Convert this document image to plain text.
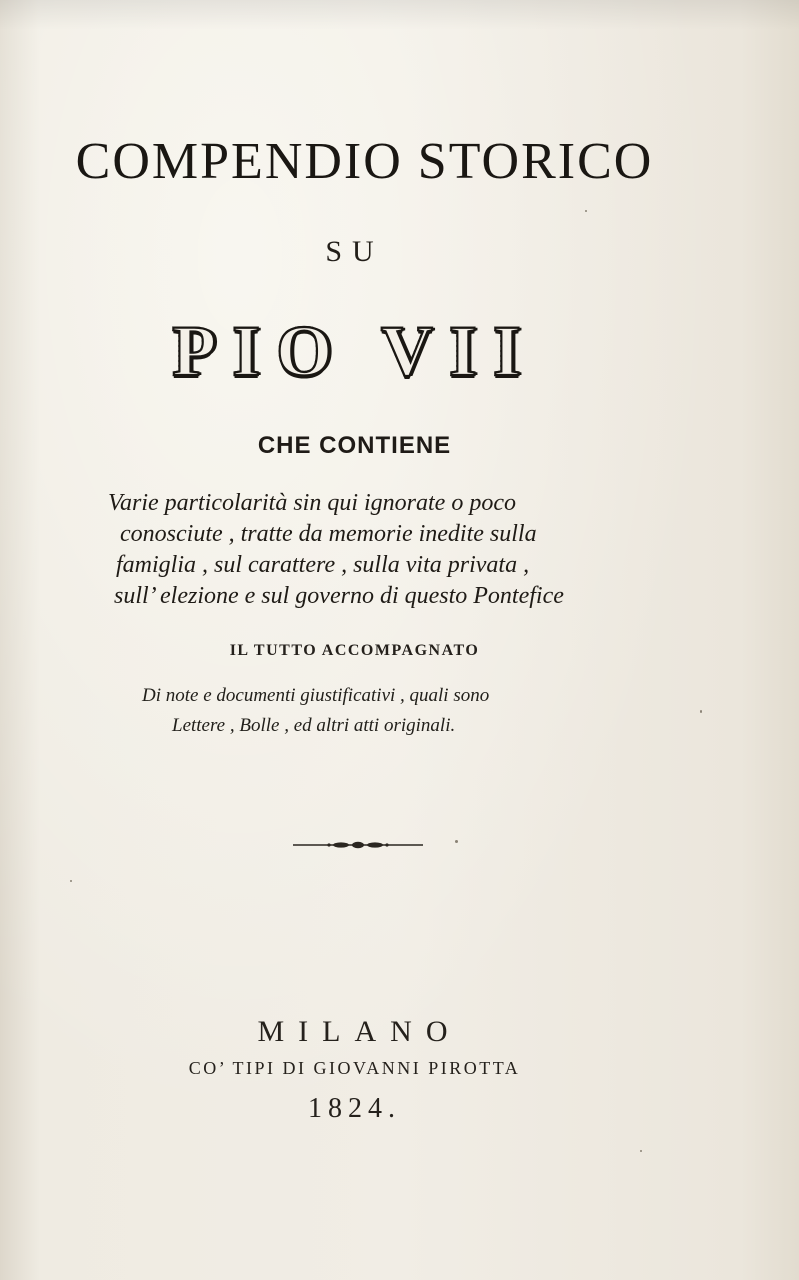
COMPENDIO STORICO
SU
PIO VII
CHE CONTIENE
Varie particolarità sin qui ignorate o poco
conosciute , tratte da memorie inedite sulla
famiglia , sul carattere , sulla vita privata ,
sull’ elezione e sul governo di questo Pontefice
IL TUTTO ACCOMPAGNATO
Di note e documenti giustificativi , quali sono
Lettere , Bolle , ed altri atti originali.
MILANO
CO’ TIPI DI GIOVANNI PIROTTA
1824.
